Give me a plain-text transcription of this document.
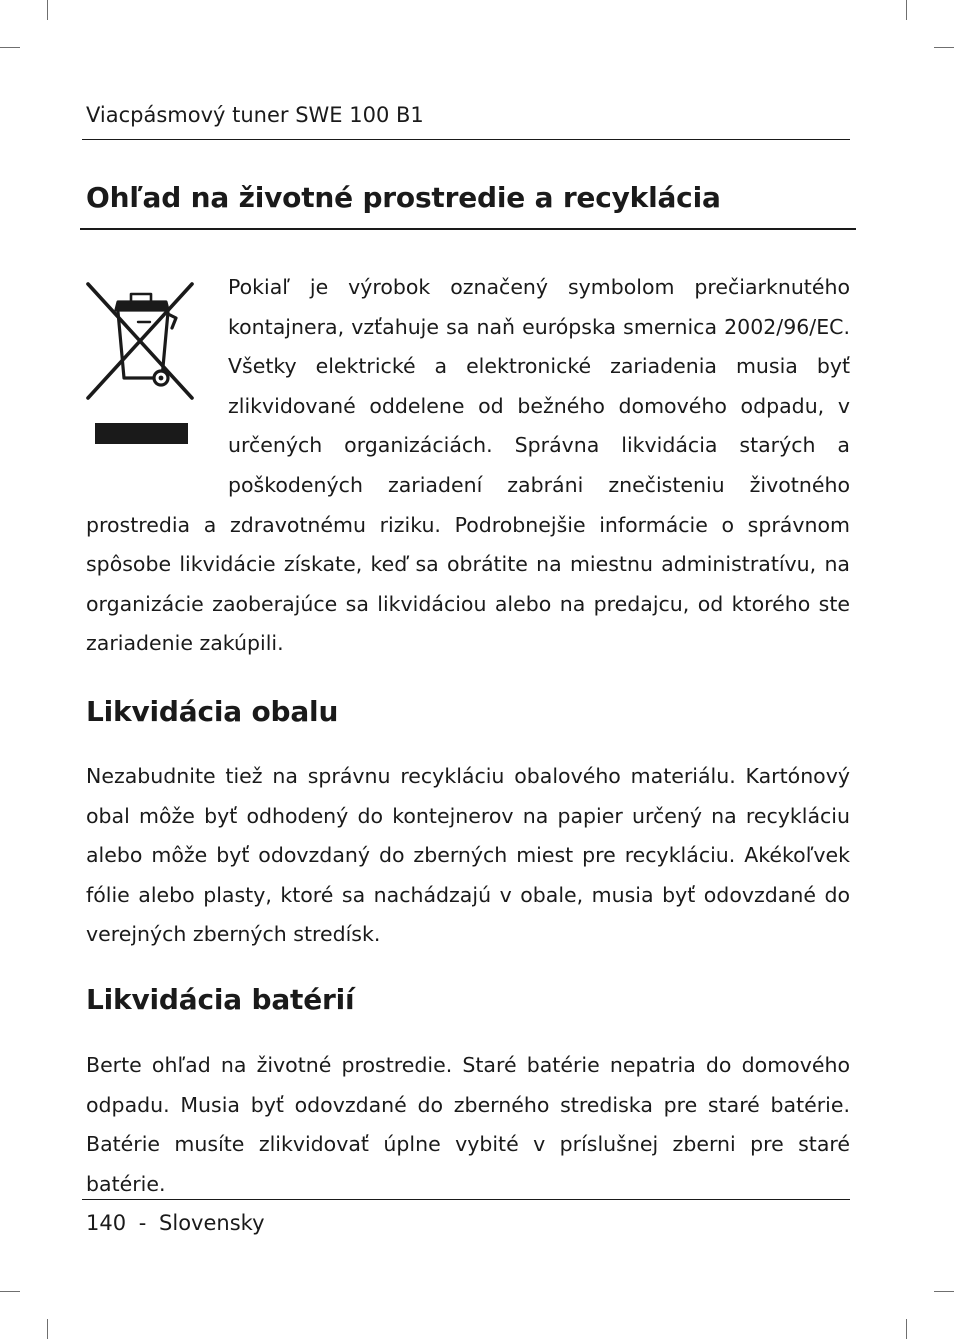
Viacpásmový tuner SWE 100 B1
Ohľad na životné prostredie a recyklácia

Pokiaľ je výrobok označený symbolom prečiarknutého kontajnera, vzťahuje sa naň európska smernica 2002/96/EC. Všetky elektrické a elektronické zariadenia musia byť zlikvidované oddelene od bežného domového odpadu, v určených organizáciách. Správna likvidácia starých a poškodených zariadení zabráni znečisteniu životného prostredia a zdravotnému riziku. Podrobnejšie informácie o správnom spôsobe likvidácie získate, keď sa obrátite na miestnu administratívu, na organizácie zaoberajúce sa likvidáciou alebo na predajcu, od ktorého ste zariadenie zakúpili.

Likvidácia obalu

Nezabudnite tiež na správnu recykláciu obalového materiálu. Kartónový obal môže byť odhodený do kontejnerov na papier určený na recykláciu alebo môže byť odovzdaný do zberných miest pre recykláciu. Akékoľvek fólie alebo plasty, ktoré sa nachádzajú v obale, musia byť odovzdané do verejných zberných stredísk.

Likvidácia batérií

Berte ohľad na životné prostredie. Staré batérie nepatria do domového odpadu. Musia byť odovzdané do zberného strediska pre staré batérie. Batérie musíte zlikvidovať úplne vybité v príslušnej zberni pre staré batérie.

140 - Slovensky
